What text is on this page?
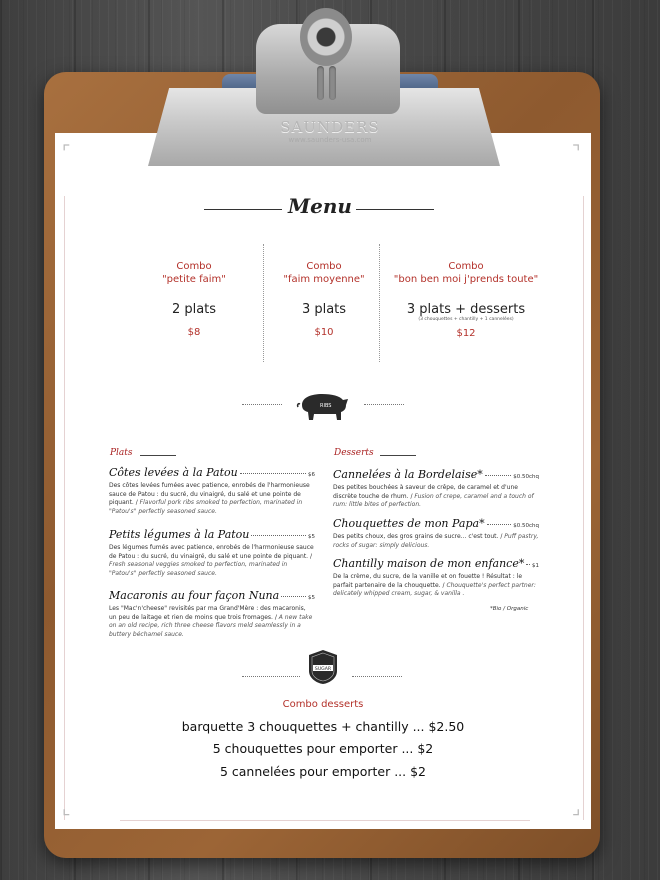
⌜	⌝
⌞	⌟
SAUNDERS
www.saunders-usa.com
Menu
Combo
"petite faim"
2 plats
$8
Combo
"faim moyenne"
3 plats
$10
Combo
"bon ben moi j'prends toute"
3 plats + desserts
(3 chouquettes + chantilly + 1 cannelées)
$12
RIBS
Plats
Côtes levées à la Patou	$6
Des côtes levées fumées avec patience, enrobés de l'harmonieuse sauce de Patou : du sucré, du vinaigré, du salé et une pointe de piquant. / Flavorful pork ribs smoked to perfection, marinated in "Patou's" perfectly seasoned sauce.
Petits légumes à la Patou	$5
Des légumes fumés avec patience, enrobés de l'harmonieuse sauce de Patou : du sucré, du vinaigré, du salé et une pointe de piquant. / Fresh seasonal veggies smoked to perfection, marinated in "Patou's" perfectly seasoned sauce.
Macaronis au four façon Nuna	$5
Les "Mac'n'cheese" revisités par ma Grand'Mère : des macaronis, un peu de laitage et rien de moins que trois fromages. / A new take on an old recipe, rich three cheese flavors meld seamlessly in a buttery béchamel sauce.
Desserts
Cannelées à la Bordelaise*	$0.50chq
Des petites bouchées à saveur de crêpe, de caramel et d'une discrète touche de rhum. / Fusion of crepe, caramel and a touch of rum: little bites of perfection.
Chouquettes de mon Papa*	$0.50chq
Des petits choux, des gros grains de sucre... c'est tout. / Puff pastry, rocks of sugar: simply delicious.
Chantilly maison de mon enfance* $1
De la crème, du sucre, de la vanille et on fouette ! Résultat : le parfait partenaire de la chouquette. / Chouquette's perfect partner: delicately whipped cream, sugar, & vanilla .
*Bio / Organic
SUGAR
Combo desserts
barquette 3 chouquettes + chantilly ... $2.50
5 chouquettes pour emporter ... $2
5 cannelées pour emporter ... $2
